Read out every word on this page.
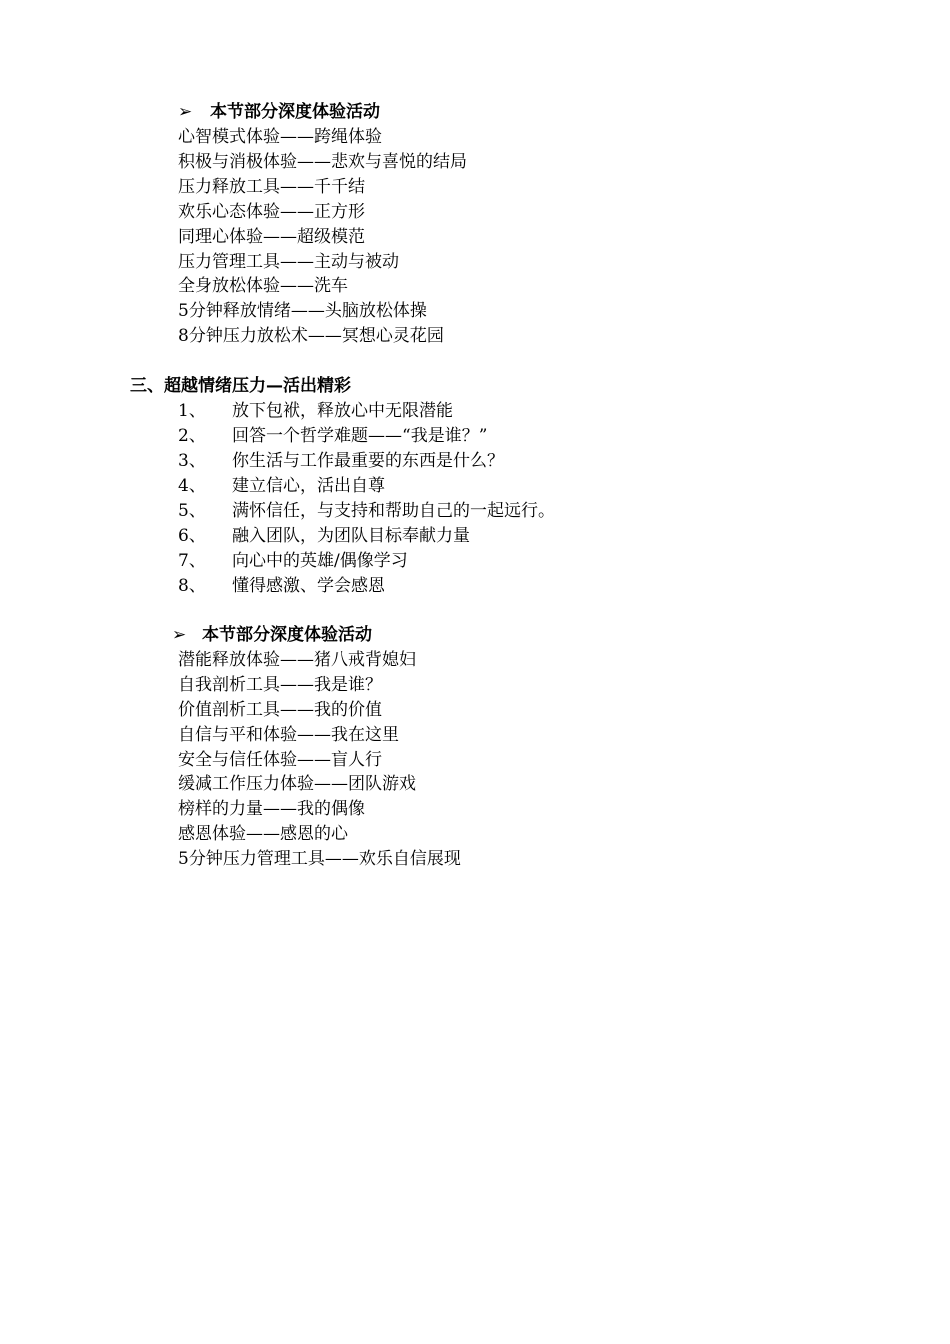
➢ 本节部分深度体验活动
心智模式体验——跨绳体验
积极与消极体验——悲欢与喜悦的结局
压力释放工具——千千结
欢乐心态体验——正方形
同理心体验——超级模范
压力管理工具——主动与被动
全身放松体验——洗车
5分钟释放情绪——头脑放松体操
8分钟压力放松术——冥想心灵花园
三、超越情绪压力—活出精彩
1、 放下包袱，释放心中无限潜能
2、 回答一个哲学难题——“我是谁？”
3、 你生活与工作最重要的东西是什么？
4、 建立信心，活出自尊
5、 满怀信任，与支持和帮助自己的一起远行。
6、 融入团队，为团队目标奉献力量
7、 向心中的英雄/偶像学习
8、 懂得感激、学会感恩
➢ 本节部分深度体验活动
潜能释放体验——猪八戒背媳妇
自我剖析工具——我是谁？
价值剖析工具——我的价值
自信与平和体验——我在这里
安全与信任体验——盲人行
缓减工作压力体验——团队游戏
榜样的力量——我的偶像
感恩体验——感恩的心
5分钟压力管理工具——欢乐自信展现
